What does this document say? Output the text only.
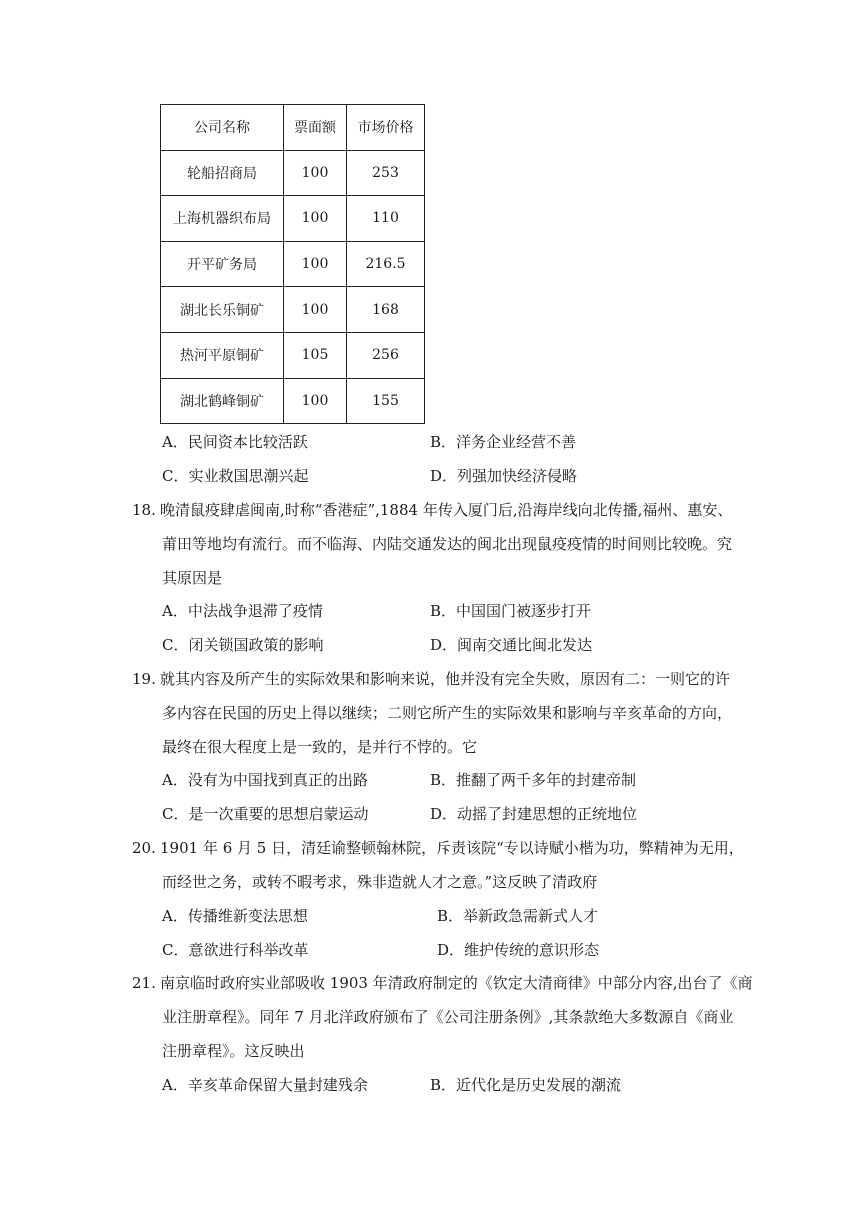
公司名称	票面额	市场价格
轮船招商局	100	253
上海机器织布局	100	110
开平矿务局	100	216.5
湖北长乐铜矿	100	168
热河平原铜矿	105	256
湖北鹤峰铜矿	100	155
A．民间资本比较活跃	B．洋务企业经营不善
C．实业救国思潮兴起	D．列强加快经济侵略
18. 晚清鼠疫肆虐闽南,时称“香港症”,1884 年传入厦门后,沿海岸线向北传播,福州、惠安、
莆田等地均有流行。而不临海、内陆交通发达的闽北出现鼠疫疫情的时间则比较晚。究
其原因是
A．中法战争退滞了疫情	B．中国国门被逐步打开
C．闭关锁国政策的影响	D．闽南交通比闽北发达
19. 就其内容及所产生的实际效果和影响来说，他并没有完全失败，原因有二：一则它的许
多内容在民国的历史上得以继续；二则它所产生的实际效果和影响与辛亥革命的方向，
最终在很大程度上是一致的，是并行不悖的。它
A．没有为中国找到真正的出路	B．推翻了两千多年的封建帝制
C．是一次重要的思想启蒙运动	D．动摇了封建思想的正统地位
20. 1901 年 6 月 5 日，清廷谕整顿翰林院，斥责该院“专以诗赋小楷为功，弊精神为无用，
而经世之务，或转不暇考求，殊非造就人才之意。”这反映了清政府
A．传播维新变法思想	B．举新政急需新式人才
C．意欲进行科举改革	D．维护传统的意识形态
21. 南京临时政府实业部吸收 1903 年清政府制定的《钦定大清商律》中部分内容,出台了《商
业注册章程》。同年 7 月北洋政府颁布了《公司注册条例》,其条款绝大多数源自《商业
注册章程》。这反映出
A．辛亥革命保留大量封建残余	B．近代化是历史发展的潮流
